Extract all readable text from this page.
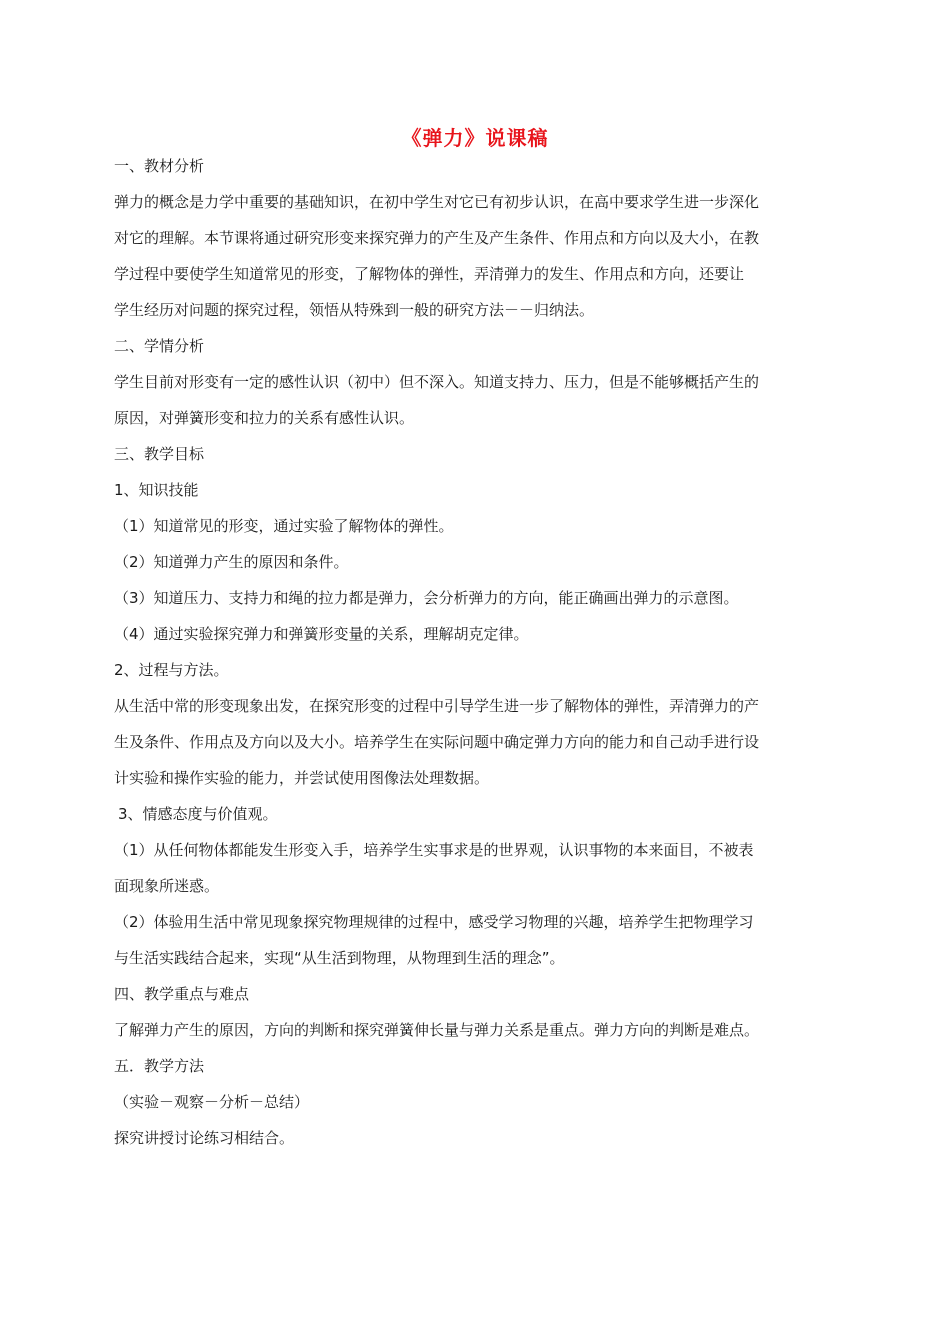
《弹力》说课稿
一、教材分析
弹力的概念是力学中重要的基础知识，在初中学生对它已有初步认识，在高中要求学生进一步深化
对它的理解。本节课将通过研究形变来探究弹力的产生及产生条件、作用点和方向以及大小，在教
学过程中要使学生知道常见的形变，了解物体的弹性，弄清弹力的发生、作用点和方向，还要让
学生经历对问题的探究过程，领悟从特殊到一般的研究方法－－归纳法。
二、学情分析
学生目前对形变有一定的感性认识（初中）但不深入。知道支持力、压力，但是不能够概括产生的
原因，对弹簧形变和拉力的关系有感性认识。
三、教学目标
1、知识技能
（1）知道常见的形变，通过实验了解物体的弹性。
（2）知道弹力产生的原因和条件。
（3）知道压力、支持力和绳的拉力都是弹力，会分析弹力的方向，能正确画出弹力的示意图。
（4）通过实验探究弹力和弹簧形变量的关系，理解胡克定律。
2、过程与方法。
从生活中常的形变现象出发，在探究形变的过程中引导学生进一步了解物体的弹性，弄清弹力的产
生及条件、作用点及方向以及大小。培养学生在实际问题中确定弹力方向的能力和自己动手进行设
计实验和操作实验的能力，并尝试使用图像法处理数据。
3、情感态度与价值观。
（1）从任何物体都能发生形变入手，培养学生实事求是的世界观，认识事物的本来面目，不被表
面现象所迷惑。
（2）体验用生活中常见现象探究物理规律的过程中，感受学习物理的兴趣，培养学生把物理学习
与生活实践结合起来，实现“从生活到物理，从物理到生活的理念”。
四、教学重点与难点
了解弹力产生的原因，方向的判断和探究弹簧伸长量与弹力关系是重点。弹力方向的判断是难点。
五．教学方法
（实验－观察－分析－总结）
探究讲授讨论练习相结合。
